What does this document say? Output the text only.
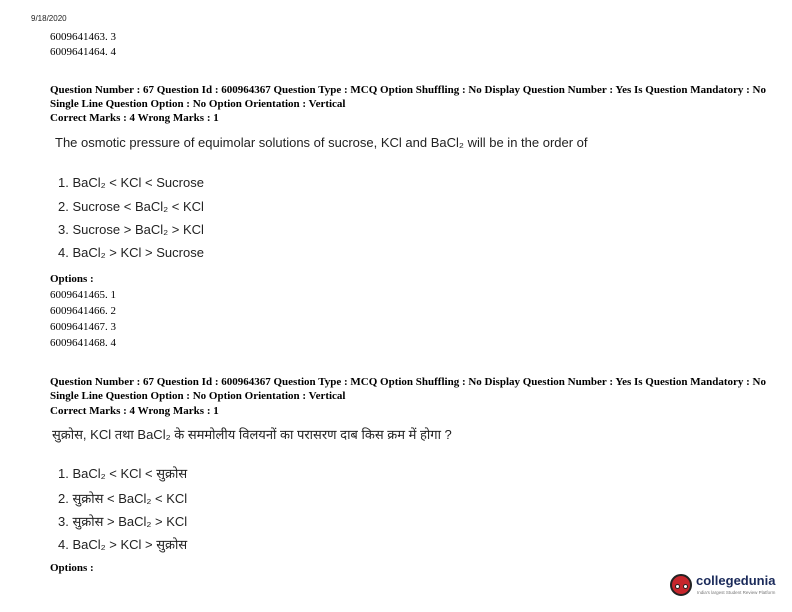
9/18/2020
6009641463. 3
6009641464. 4
Question Number : 67 Question Id : 600964367 Question Type : MCQ Option Shuffling : No Display Question Number : Yes Is Question Mandatory : No Single Line Question Option : No Option Orientation : Vertical
Correct Marks : 4 Wrong Marks : 1
The osmotic pressure of equimolar solutions of sucrose, KCl and BaCl₂ will be in the order of
1. BaCl₂ < KCl < Sucrose
2. Sucrose < BaCl₂ < KCl
3. Sucrose > BaCl₂ > KCl
4. BaCl₂ > KCl > Sucrose
Options :
6009641465. 1
6009641466. 2
6009641467. 3
6009641468. 4
Question Number : 67 Question Id : 600964367 Question Type : MCQ Option Shuffling : No Display Question Number : Yes Is Question Mandatory : No Single Line Question Option : No Option Orientation : Vertical
Correct Marks : 4 Wrong Marks : 1
सुक्रोस, KCl तथा BaCl₂ के सममोलीय विलयनों का परासरण दाब किस क्रम में होगा ?
1. BaCl₂ < KCl < सुक्रोस
2. सुक्रोस < BaCl₂ < KCl
3. सुक्रोस > BaCl₂ > KCl
4. BaCl₂ > KCl > सुक्रोस
Options :
collegedunia
India's largest Student Review Platform
